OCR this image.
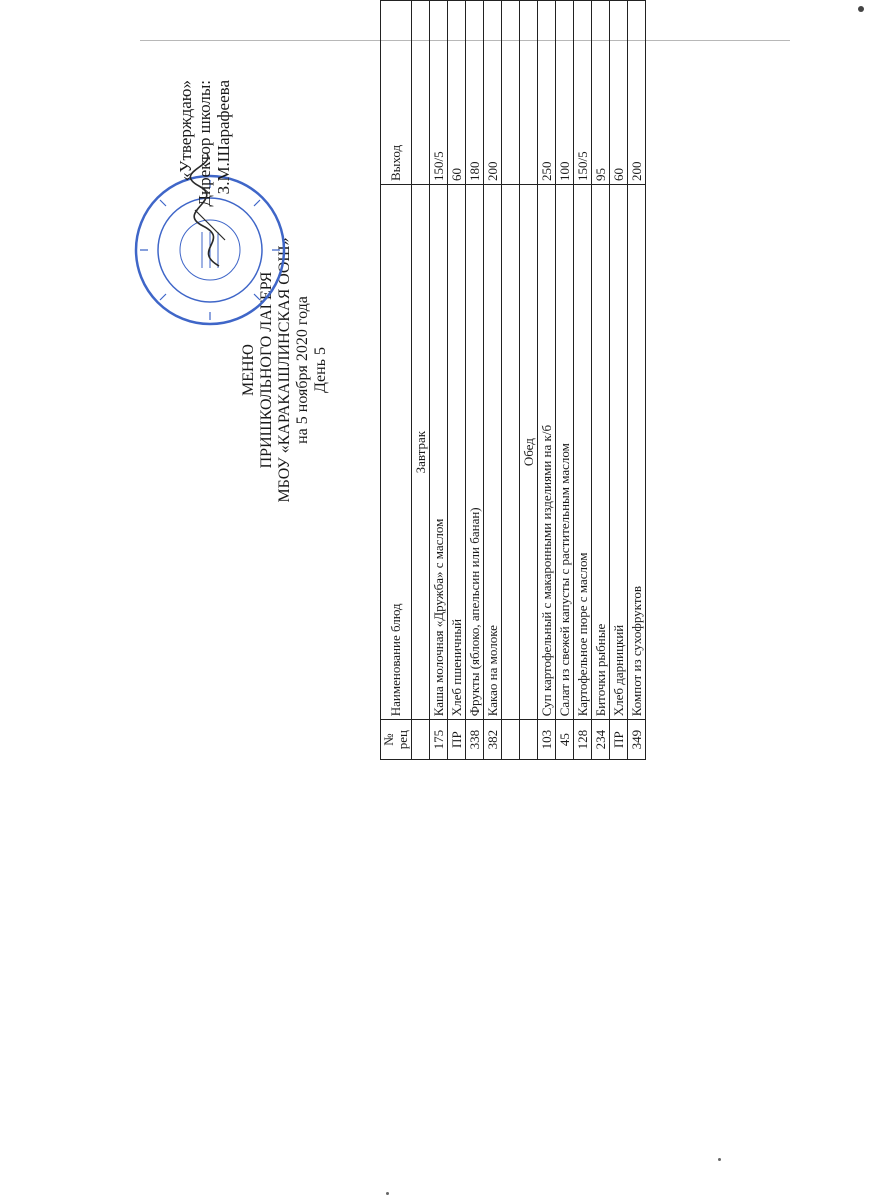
МЕНЮ ПРИШКОЛЬНОГО ЛАГЕРЯ МБОУ «КАРАКАШЛИНСКАЯ ООШ» на 5 ноября 2020 года День 5
«Утверждаю» Директор школы: З.М.Шарафеева
№ рец	Наименование блюд	Выход
	Завтрак	
175	Каша молочная «Дружба» с маслом	150/5
ПР	Хлеб пшеничный	60
338	Фрукты (яблоко, апельсин или банан)	180
382	Какао на молоке	200

	Обед	
103	Суп картофельный с макаронными изделиями на к/б	250
45	Салат из свежей капусты с растительным маслом	100
128	Картофельное пюре с маслом	150/5
234	Биточки рыбные	95
ПР	Хлеб дарницкий	60
349	Компот из сухофруктов	200
